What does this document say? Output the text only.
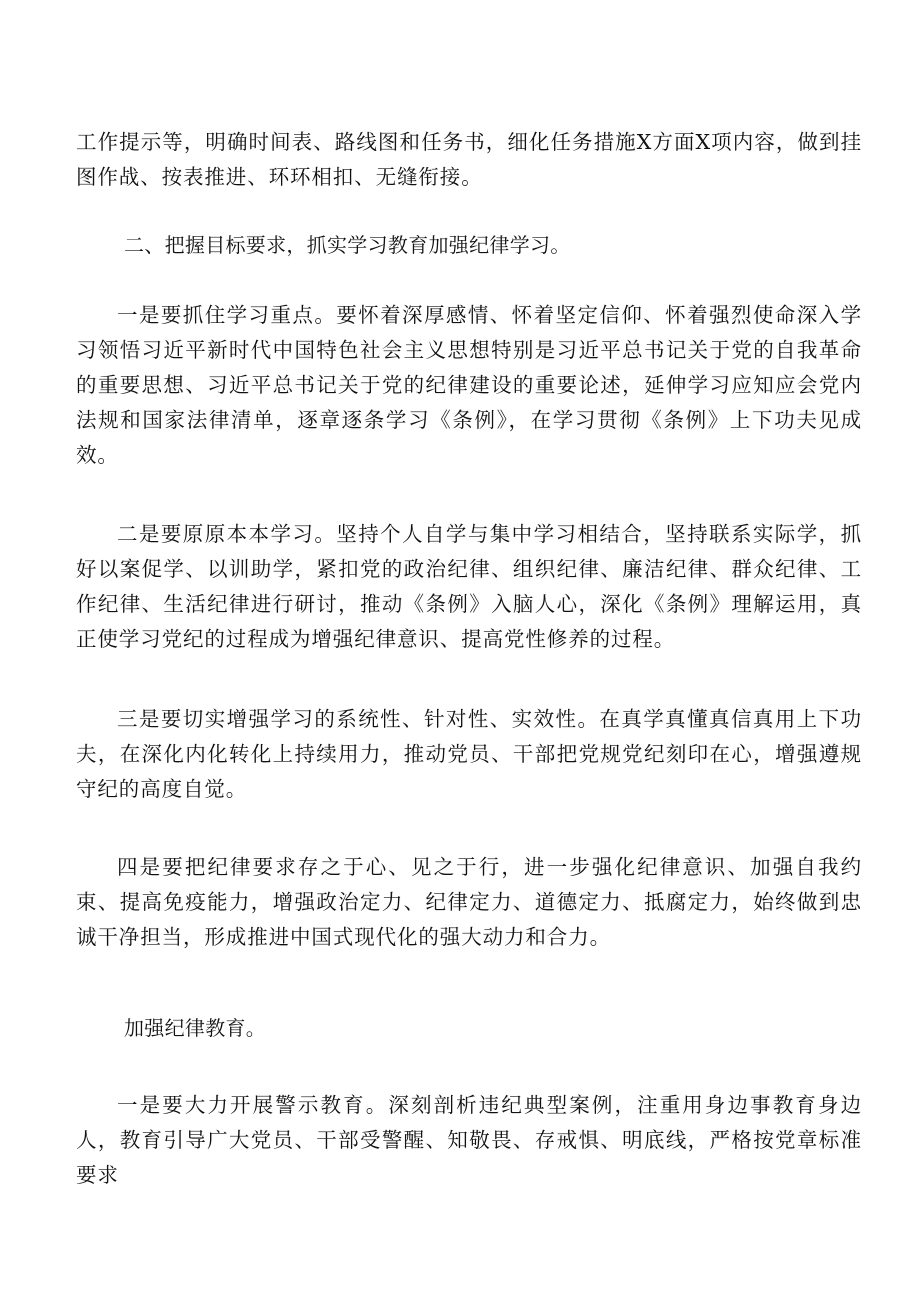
工作提示等，明确时间表、路线图和任务书，细化任务措施X方面X项内容，做到挂图作战、按表推进、环环相扣、无缝衔接。

二、把握目标要求，抓实学习教育加强纪律学习。

一是要抓住学习重点。要怀着深厚感情、怀着坚定信仰、怀着强烈使命深入学习领悟习近平新时代中国特色社会主义思想特别是习近平总书记关于党的自我革命的重要思想、习近平总书记关于党的纪律建设的重要论述，延伸学习应知应会党内法规和国家法律清单，逐章逐条学习《条例》，在学习贯彻《条例》上下功夫见成效。

二是要原原本本学习。坚持个人自学与集中学习相结合，坚持联系实际学，抓好以案促学、以训助学，紧扣党的政治纪律、组织纪律、廉洁纪律、群众纪律、工作纪律、生活纪律进行研讨，推动《条例》入脑人心，深化《条例》理解运用，真正使学习党纪的过程成为增强纪律意识、提高党性修养的过程。

三是要切实增强学习的系统性、针对性、实效性。在真学真懂真信真用上下功夫，在深化内化转化上持续用力，推动党员、干部把党规党纪刻印在心，增强遵规守纪的高度自觉。

四是要把纪律要求存之于心、见之于行，进一步强化纪律意识、加强自我约束、提高免疫能力，增强政治定力、纪律定力、道德定力、抵腐定力，始终做到忠诚干净担当，形成推进中国式现代化的强大动力和合力。

加强纪律教育。

一是要大力开展警示教育。深刻剖析违纪典型案例，注重用身边事教育身边人，教育引导广大党员、干部受警醒、知敬畏、存戒惧、明底线，严格按党章标准要求
